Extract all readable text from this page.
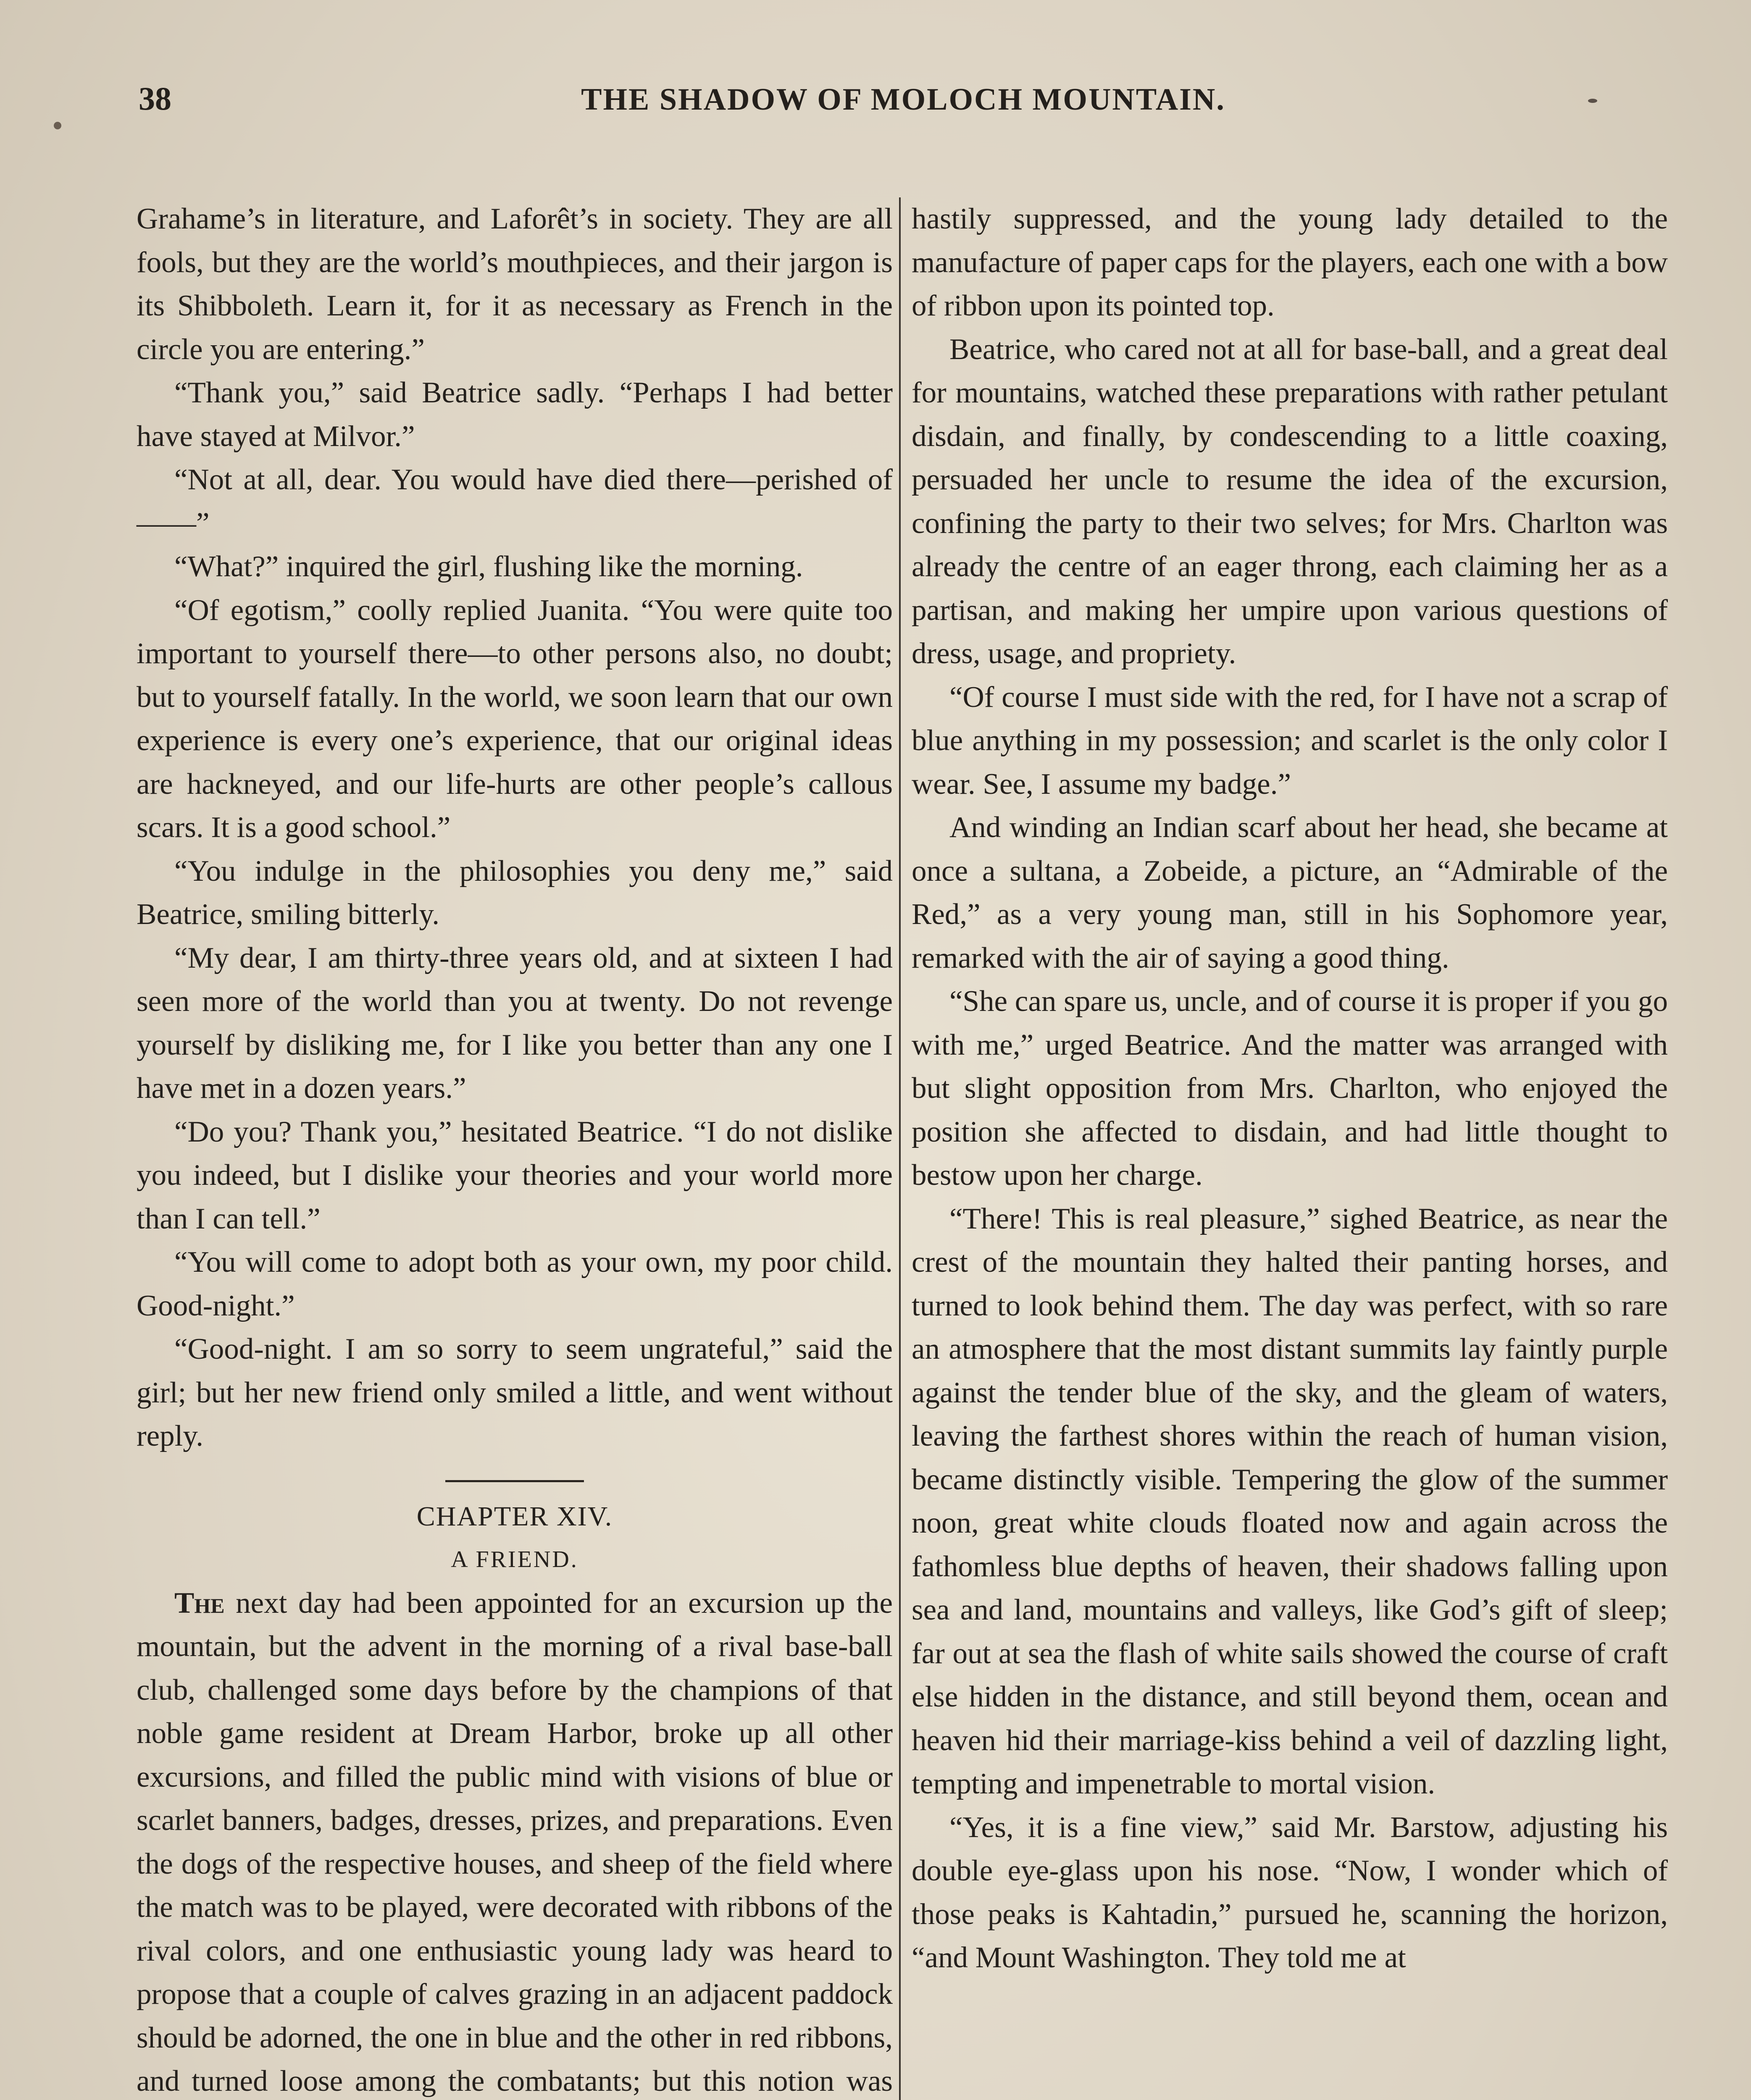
38	THE SHADOW OF MOLOCH MOUNTAIN.

Grahame’s in literature, and Laforêt’s in society. They are all fools, but they are the world’s mouthpieces, and their jargon is its Shibboleth. Learn it, for it as necessary as French in the circle you are entering.”

“Thank you,” said Beatrice sadly. “Perhaps I had better have stayed at Milvor.”

“Not at all, dear. You would have died there—perished of——”

“What?” inquired the girl, flushing like the morning.

“Of egotism,” coolly replied Juanita. “You were quite too important to yourself there—to other persons also, no doubt; but to yourself fatally. In the world, we soon learn that our own experience is every one’s experience, that our original ideas are hackneyed, and our life-hurts are other people’s callous scars. It is a good school.”

“You indulge in the philosophies you deny me,” said Beatrice, smiling bitterly.

“My dear, I am thirty-three years old, and at sixteen I had seen more of the world than you at twenty. Do not revenge yourself by disliking me, for I like you better than any one I have met in a dozen years.”

“Do you? Thank you,” hesitated Beatrice. “I do not dislike you indeed, but I dislike your theories and your world more than I can tell.”

“You will come to adopt both as your own, my poor child. Good-night.”

“Good-night. I am so sorry to seem ungrateful,” said the girl; but her new friend only smiled a little, and went without reply.

CHAPTER XIV.

A FRIEND.

The next day had been appointed for an excursion up the mountain, but the advent in the morning of a rival base-ball club, challenged some days before by the champions of that noble game resident at Dream Harbor, broke up all other excursions, and filled the public mind with visions of blue or scarlet banners, badges, dresses, prizes, and preparations. Even the dogs of the respective houses, and sheep of the field where the match was to be played, were decorated with ribbons of the rival colors, and one enthusiastic young lady was heard to propose that a couple of calves grazing in an adjacent paddock should be adorned, the one in blue and the other in red ribbons, and turned loose among the combatants; but this notion was

hastily suppressed, and the young lady detailed to the manufacture of paper caps for the players, each one with a bow of ribbon upon its pointed top.

Beatrice, who cared not at all for base-ball, and a great deal for mountains, watched these preparations with rather petulant disdain, and finally, by condescending to a little coaxing, persuaded her uncle to resume the idea of the excursion, confining the party to their two selves; for Mrs. Charlton was already the centre of an eager throng, each claiming her as a partisan, and making her umpire upon various questions of dress, usage, and propriety.

“Of course I must side with the red, for I have not a scrap of blue anything in my possession; and scarlet is the only color I wear. See, I assume my badge.”

And winding an Indian scarf about her head, she became at once a sultana, a Zobeide, a picture, an “Admirable of the Red,” as a very young man, still in his Sophomore year, remarked with the air of saying a good thing.

“She can spare us, uncle, and of course it is proper if you go with me,” urged Beatrice. And the matter was arranged with but slight opposition from Mrs. Charlton, who enjoyed the position she affected to disdain, and had little thought to bestow upon her charge.

“There! This is real pleasure,” sighed Beatrice, as near the crest of the mountain they halted their panting horses, and turned to look behind them. The day was perfect, with so rare an atmosphere that the most distant summits lay faintly purple against the tender blue of the sky, and the gleam of waters, leaving the farthest shores within the reach of human vision, became distinctly visible. Tempering the glow of the summer noon, great white clouds floated now and again across the fathomless blue depths of heaven, their shadows falling upon sea and land, mountains and valleys, like God’s gift of sleep; far out at sea the flash of white sails showed the course of craft else hidden in the distance, and still beyond them, ocean and heaven hid their marriage-kiss behind a veil of dazzling light, tempting and impenetrable to mortal vision.

“Yes, it is a fine view,” said Mr. Barstow, adjusting his double eye-glass upon his nose. “Now, I wonder which of those peaks is Kahtadin,” pursued he, scanning the horizon, “and Mount Washington. They told me at
